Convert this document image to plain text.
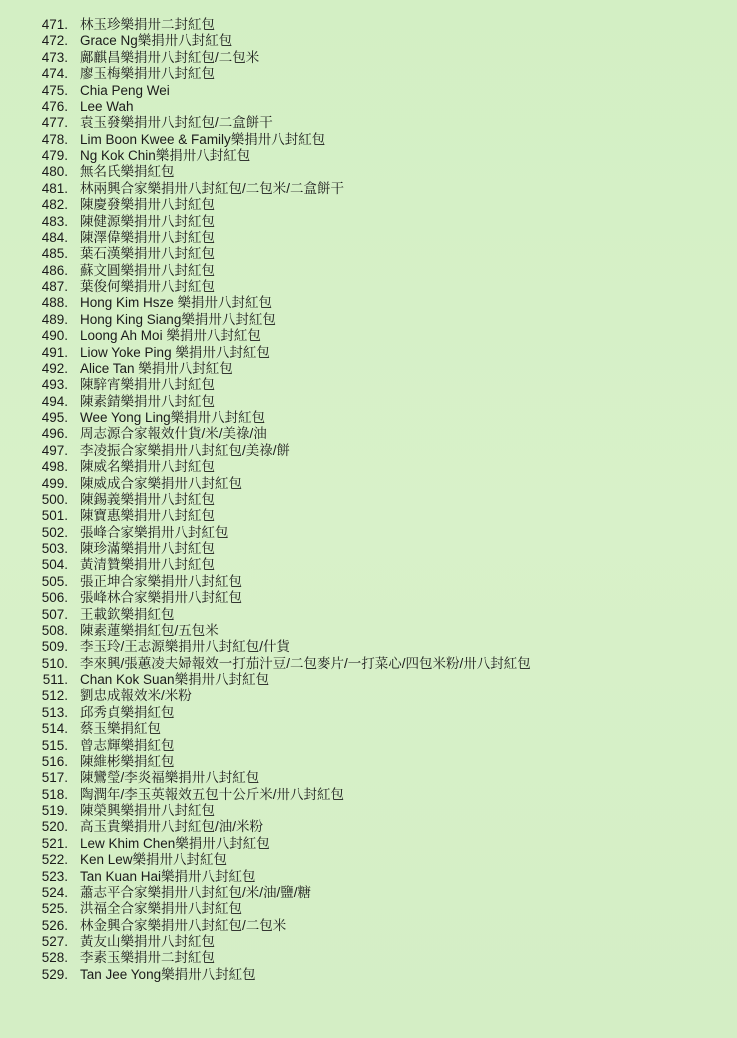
471. 林玉珍樂捐卅二封紅包
472. Grace Ng樂捐卅八封紅包
473. 鄺麒昌樂捐卅八封紅包/二包米
474. 廖玉梅樂捐卅八封紅包
475. Chia Peng Wei
476. Lee Wah
477. 袁玉發樂捐卅八封紅包/二盒餅干
478. Lim Boon Kwee & Family樂捐卅八封紅包
479. Ng Kok Chin樂捐卅八封紅包
480. 無名氏樂捐紅包
481. 林兩興合家樂捐卅八封紅包/二包米/二盒餅干
482. 陳慶發樂捐卅八封紅包
483. 陳健源樂捐卅八封紅包
484. 陳澤偉樂捐卅八封紅包
485. 葉石漢樂捐卅八封紅包
486. 蘇文圓樂捐卅八封紅包
487. 葉俊何樂捐卅八封紅包
488. Hong Kim Hsze 樂捐卅八封紅包
489. Hong King Siang樂捐卅八封紅包
490. Loong Ah Moi 樂捐卅八封紅包
491. Liow Yoke Ping 樂捐卅八封紅包
492. Alice Tan 樂捐卅八封紅包
493. 陳騂宵樂捐卅八封紅包
494. 陳素錆樂捐卅八封紅包
495. Wee Yong Ling樂捐卅八封紅包
496. 周志源合家報效什貨/米/美祿/油
497. 李凌振合家樂捐卅八封紅包/美祿/餅
498. 陳威名樂捐卅八封紅包
499. 陳威成合家樂捐卅八封紅包
500. 陳錫義樂捐卅八封紅包
501. 陳寶惠樂捐卅八封紅包
502. 張峰合家樂捐卅八封紅包
503. 陳珍滿樂捐卅八封紅包
504. 黃清贊樂捐卅八封紅包
505. 張正坤合家樂捐卅八封紅包
506. 張峰林合家樂捐卅八封紅包
507. 王載欽樂捐紅包
508. 陳素蓮樂捐紅包/五包米
509. 李玉玲/王志源樂捐卅八封紅包/什貨
510. 李來興/張蕙凌夫婦報效一打茄汁豆/二包麥片/一打菜心/四包米粉/卅八封紅包
511. Chan Kok Suan樂捐卅八封紅包
512. 劉忠成報效米/米粉
513. 邱秀貞樂捐紅包
514. 蔡玉樂捐紅包
515. 曾志輝樂捐紅包
516. 陳維彬樂捐紅包
517. 陳鸞瑩/李炎福樂捐卅八封紅包
518. 陶潤年/李玉英報效五包十公斤米/卅八封紅包
519. 陳榮興樂捐卅八封紅包
520. 高玉貴樂捐卅八封紅包/油/米粉
521. Lew Khim Chen樂捐卅八封紅包
522. Ken Lew樂捐卅八封紅包
523. Tan Kuan Hai樂捐卅八封紅包
524. 蕭志平合家樂捐卅八封紅包/米/油/鹽/糖
525. 洪福全合家樂捐卅八封紅包
526. 林金興合家樂捐卅八封紅包/二包米
527. 黃友山樂捐卅八封紅包
528. 李素玉樂捐卅二封紅包
529. Tan Jee Yong樂捐卅八封紅包
